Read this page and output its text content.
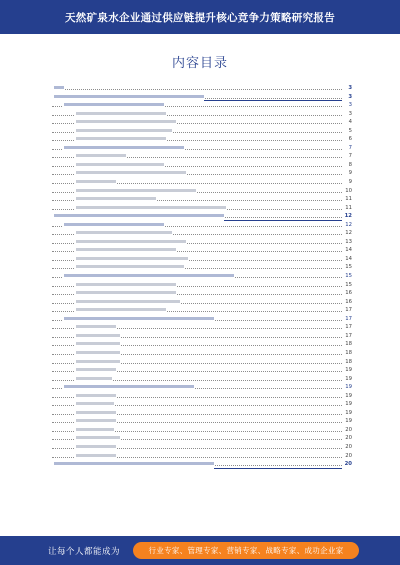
天然矿泉水企业通过供应链提升核心竞争力策略研究报告
内容目录
3
3
3
3
4
5
6
7
7
8
9
9
10
11
11
12
12
12
13
14
14
15
15
15
16
16
17
17
17
17
18
18
18
19
19
19
19
19
19
19
20
20
20
20
20
让每个人都能成为	行业专家、管理专家、营销专家、战略专家、成功企业家
